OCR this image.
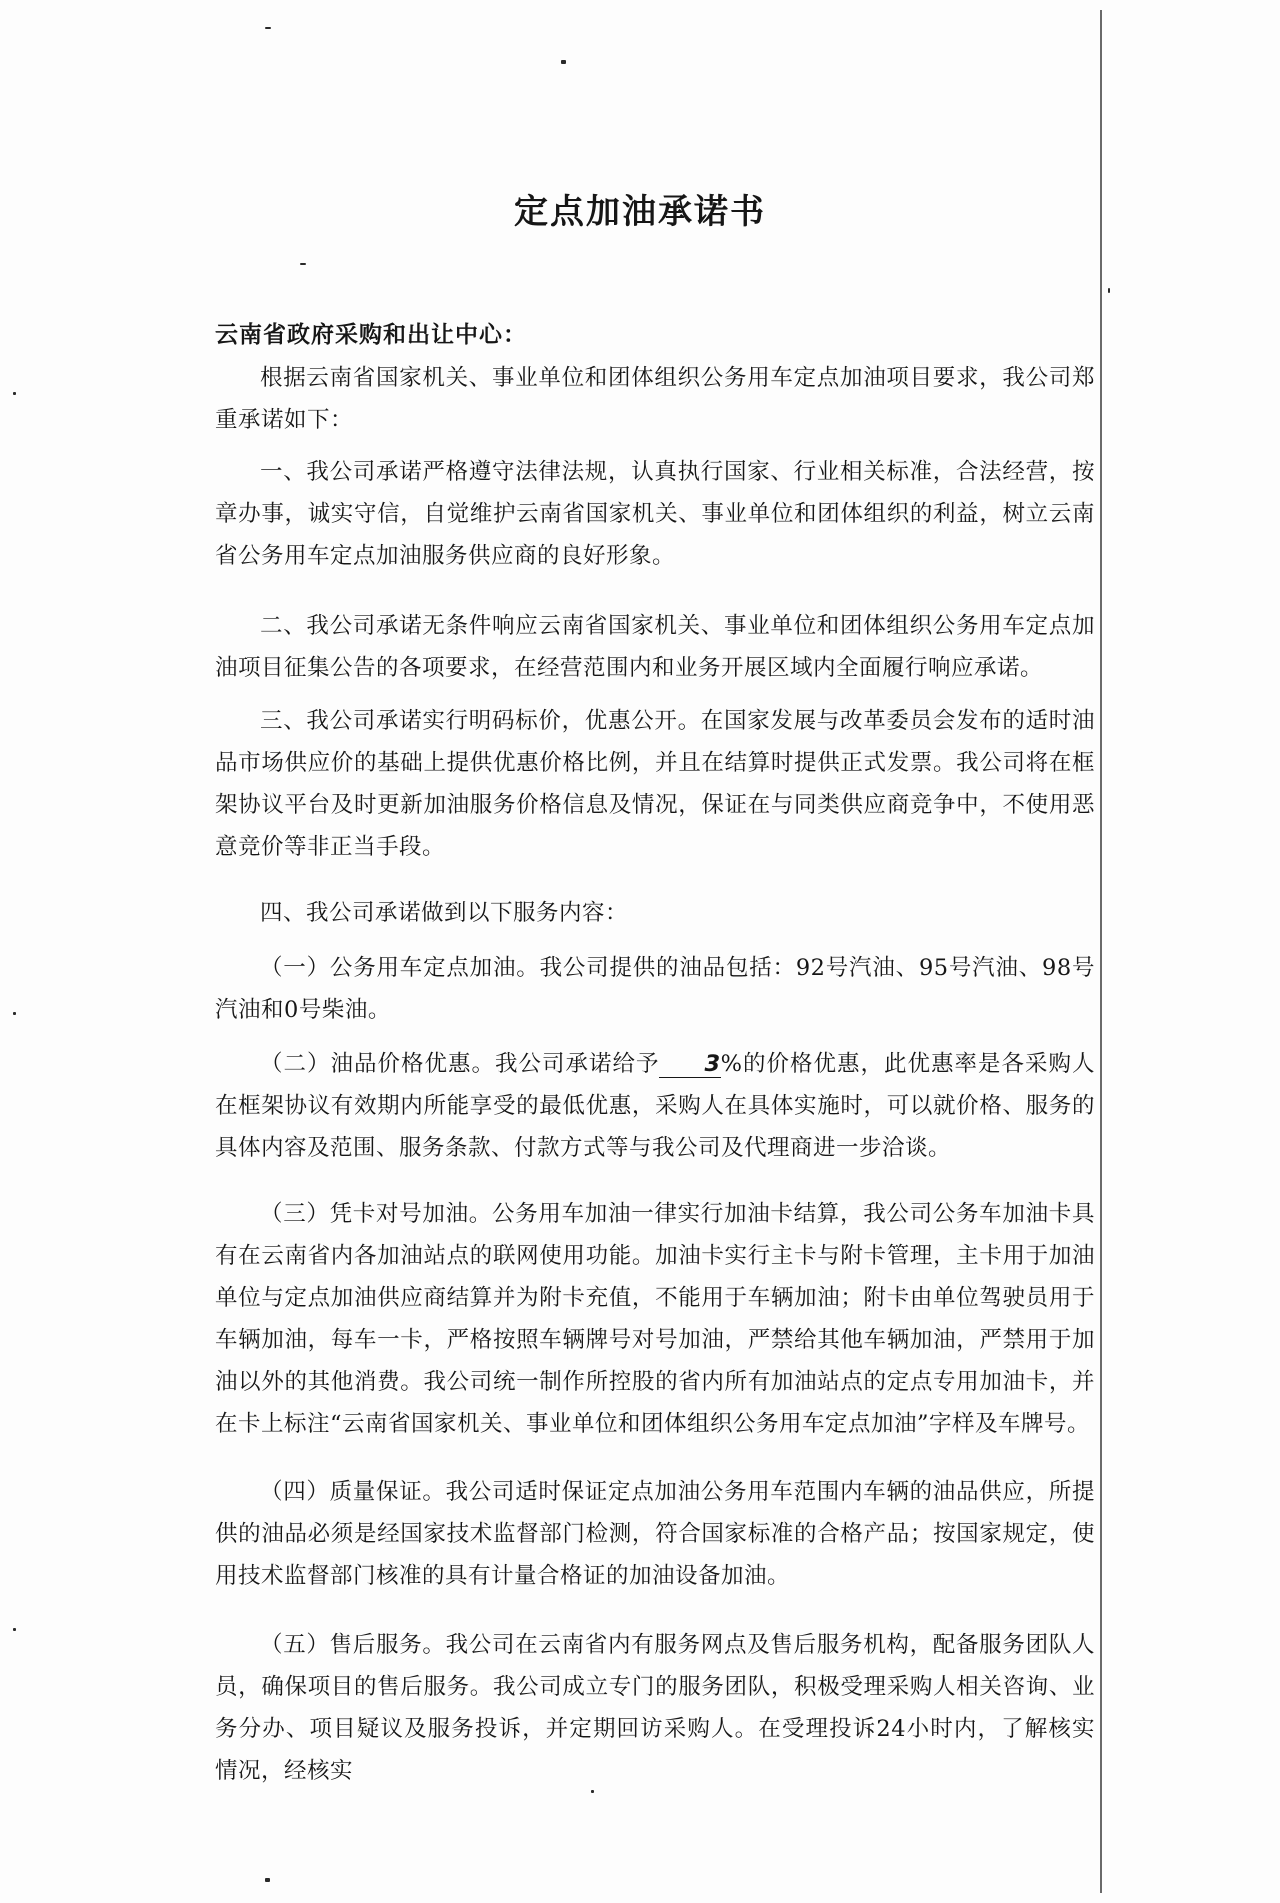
定点加油承诺书

云南省政府采购和出让中心：

根据云南省国家机关、事业单位和团体组织公务用车定点加油项目要求，我公司郑重承诺如下：

一、我公司承诺严格遵守法律法规，认真执行国家、行业相关标准，合法经营，按章办事，诚实守信，自觉维护云南省国家机关、事业单位和团体组织的利益，树立云南省公务用车定点加油服务供应商的良好形象。

二、我公司承诺无条件响应云南省国家机关、事业单位和团体组织公务用车定点加油项目征集公告的各项要求，在经营范围内和业务开展区域内全面履行响应承诺。

三、我公司承诺实行明码标价，优惠公开。在国家发展与改革委员会发布的适时油品市场供应价的基础上提供优惠价格比例，并且在结算时提供正式发票。我公司将在框架协议平台及时更新加油服务价格信息及情况，保证在与同类供应商竞争中，不使用恶意竞价等非正当手段。

四、我公司承诺做到以下服务内容：

（一）公务用车定点加油。我公司提供的油品包括：92号汽油、95号汽油、98号汽油和0号柴油。

（二）油品价格优惠。我公司承诺给予 3%的价格优惠，此优惠率是各采购人在框架协议有效期内所能享受的最低优惠，采购人在具体实施时，可以就价格、服务的具体内容及范围、服务条款、付款方式等与我公司及代理商进一步洽谈。

（三）凭卡对号加油。公务用车加油一律实行加油卡结算，我公司公务车加油卡具有在云南省内各加油站点的联网使用功能。加油卡实行主卡与附卡管理，主卡用于加油单位与定点加油供应商结算并为附卡充值，不能用于车辆加油；附卡由单位驾驶员用于车辆加油，每车一卡，严格按照车辆牌号对号加油，严禁给其他车辆加油，严禁用于加油以外的其他消费。我公司统一制作所控股的省内所有加油站点的定点专用加油卡，并在卡上标注“云南省国家机关、事业单位和团体组织公务用车定点加油”字样及车牌号。

（四）质量保证。我公司适时保证定点加油公务用车范围内车辆的油品供应，所提供的油品必须是经国家技术监督部门检测，符合国家标准的合格产品；按国家规定，使用技术监督部门核准的具有计量合格证的加油设备加油。

（五）售后服务。我公司在云南省内有服务网点及售后服务机构，配备服务团队人员，确保项目的售后服务。我公司成立专门的服务团队，积极受理采购人相关咨询、业务分办、项目疑议及服务投诉，并定期回访采购人。在受理投诉24小时内，了解核实情况，经核实
